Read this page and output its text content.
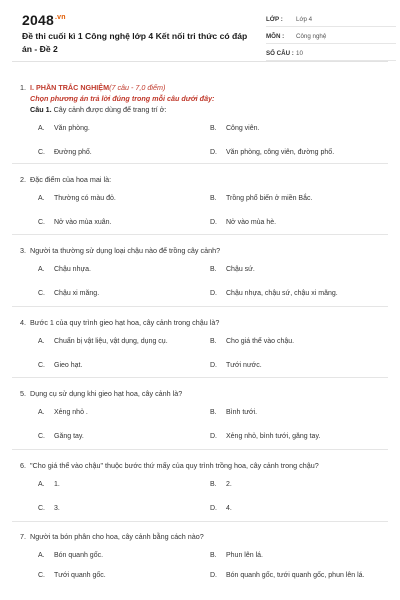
$2048^{.vn}$
Đề thi cuối kì 1 Công nghệ lớp 4 Kết nối tri thức có đáp án - Đề 2
LỚP :	Lớp 4
MÔN :	Công nghệ
SỐ CÂU : 10
1. I. PHẦN TRẮC NGHIỆM(7 câu - 7,0 điểm)
Chọn phương án trả lời đúng trong mỗi câu dưới đây:
Câu 1. Cây cảnh được dùng để trang trí ở:
A.	Văn phòng.	B.	Công viên.
C.	Đường phố.	D.	Văn phòng, công viên, đường phố.
2. Đặc điểm của hoa mai là:
A.	Thường có màu đỏ.	B.	Trồng phổ biến ở miền Bắc.
C.	Nở vào mùa xuân.	D.	Nở vào mùa hè.
3. Người ta thường sử dụng loại chậu nào để trồng cây cảnh?
A.	Chậu nhựa.	B.	Chậu sứ.
C.	Chậu xi măng.	D.	Chậu nhựa, chậu sứ, chậu xi măng.
4. Bước 1 của quy trình gieo hạt hoa, cây cảnh trong chậu là?
A.	Chuẩn bị vật liệu, vật dụng, dụng cụ.	B.	Cho giá thể vào chậu.
C.	Gieo hạt.	D.	Tưới nước.
5. Dụng cụ sử dụng khi gieo hạt hoa, cây cảnh là?
A.	Xẻng nhỏ .	B.	Bình tưới.
C.	Găng tay.	D.	Xẻng nhỏ, bình tưới, găng tay.
6. "Cho giá thể vào chậu" thuộc bước thứ mấy của quy trình trồng hoa, cây cảnh trong chậu?
A.	1.	B.	2.
C.	3.	D.	4.
7. Người ta bón phân cho hoa, cây cảnh bằng cách nào?
A.	Bón quanh gốc.	B.	Phun lên lá.
C.	Tưới quanh gốc.	D.	Bón quanh gốc, tưới quanh gốc, phun lên lá.
